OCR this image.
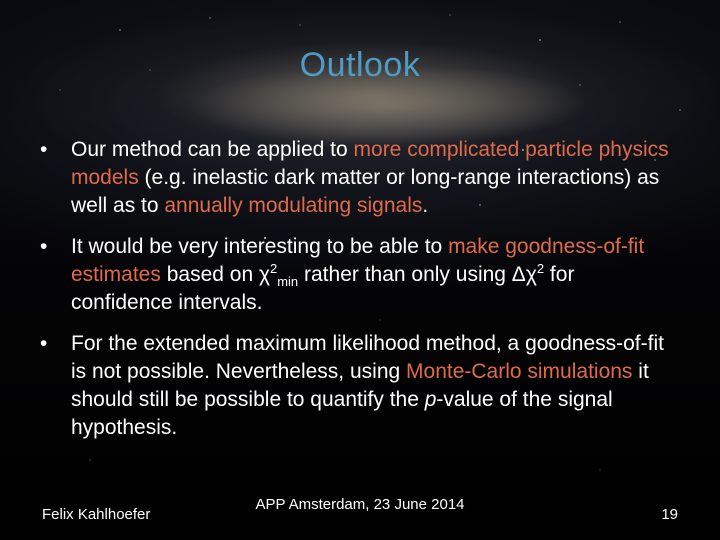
Outlook
• Our method can be applied to more complicated particle physics models (e.g. inelastic dark matter or long-range interactions) as well as to annually modulating signals.
• It would be very interesting to be able to make goodness-of-fit estimates based on $\chi^2_{min}$ rather than only using $\Delta\chi^2$ for confidence intervals.
• For the extended maximum likelihood method, a goodness-of-fit is not possible. Nevertheless, using Monte-Carlo simulations it should still be possible to quantify the p-value of the signal hypothesis.
Felix Kahlhoefer
APP Amsterdam, 23 June 2014
19
